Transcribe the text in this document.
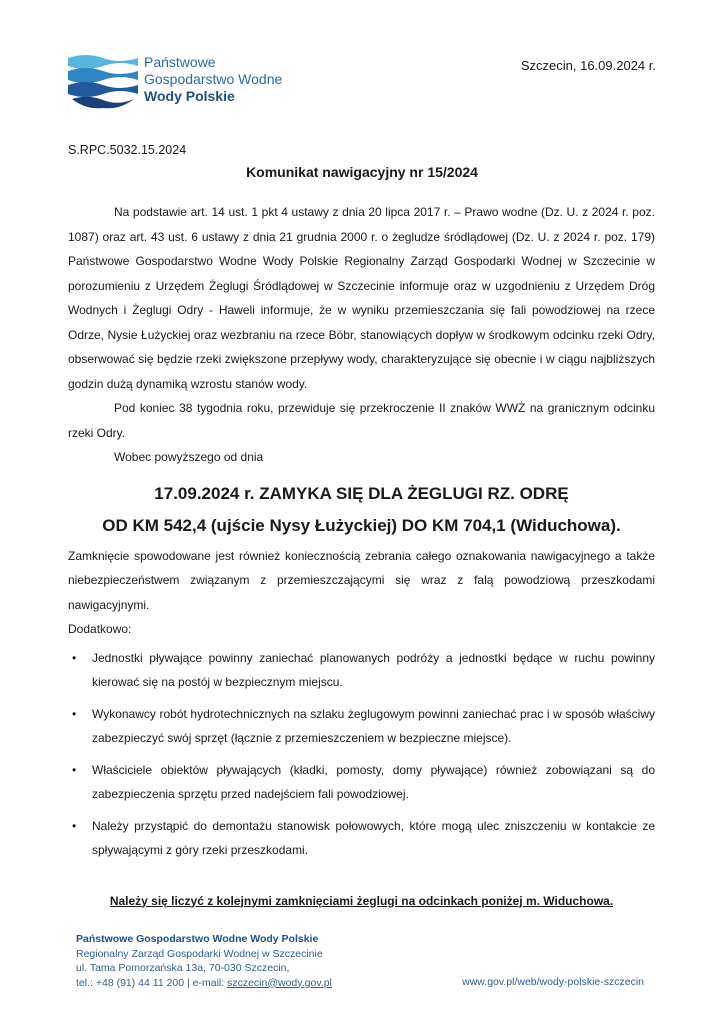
Państwowe
Gospodarstwo Wodne
Wody Polskie
Szczecin, 16.09.2024 r.
S.RPC.5032.15.2024
Komunikat nawigacyjny nr 15/2024

Na podstawie art. 14 ust. 1 pkt 4 ustawy z dnia 20 lipca 2017 r. – Prawo wodne (Dz. U. z 2024 r. poz. 1087) oraz art. 43 ust. 6 ustawy z dnia 21 grudnia 2000 r. o żegludze śródlądowej (Dz. U. z 2024 r. poz. 179) Państwowe Gospodarstwo Wodne Wody Polskie Regionalny Zarząd Gospodarki Wodnej w Szczecinie w porozumieniu z Urzędem Żeglugi Śródlądowej w Szczecinie informuje oraz w uzgodnieniu z Urzędem Dróg Wodnych i Żeglugi Odry - Haweli informuje, że w wyniku przemieszczania się fali powodziowej na rzece Odrze, Nysie Łużyckiej oraz wezbraniu na rzece Bóbr, stanowiących dopływ w środkowym odcinku rzeki Odry, obserwować się będzie rzeki zwiększone przepływy wody, charakteryzujące się obecnie i w ciągu najbliższych godzin dużą dynamiką wzrostu stanów wody.

Pod koniec 38 tygodnia roku, przewiduje się przekroczenie II znaków WWŻ na granicznym odcinku rzeki Odry.

Wobec powyższego od dnia

17.09.2024 r. ZAMYKA SIĘ DLA ŻEGLUGI RZ. ODRĘ

OD KM 542,4 (ujście Nysy Łużyckiej) DO KM 704,1 (Widuchowa).

Zamknięcie spowodowane jest również koniecznością zebrania całego oznakowania nawigacyjnego a także niebezpieczeństwem związanym z przemieszczającymi się wraz z falą powodziową przeszkodami nawigacyjnymi.

Dodatkowo:

• Jednostki pływające powinny zaniechać planowanych podróży a jednostki będące w ruchu powinny kierować się na postój w bezpiecznym miejscu.
• Wykonawcy robót hydrotechnicznych na szlaku żeglugowym powinni zaniechać prac i w sposób właściwy zabezpieczyć swój sprzęt (łącznie z przemieszczeniem w bezpieczne miejsce).
• Właściciele obiektów pływających (kładki, pomosty, domy pływające) również zobowiązani są do zabezpieczenia sprzętu przed nadejściem fali powodziowej.
• Należy przystąpić do demontażu stanowisk połowowych, które mogą ulec zniszczeniu w kontakcie ze spływającymi z góry rzeki przeszkodami.

Należy się liczyć z kolejnymi zamknięciami żeglugi na odcinkach poniżej m. Widuchowa.

Państwowe Gospodarstwo Wodne Wody Polskie
Regionalny Zarząd Gospodarki Wodnej w Szczecinie
ul. Tama Pomorzańska 13a, 70-030 Szczecin,
tel.: +48 (91) 44 11 200 | e-mail: szczecin@wody.gov.pl	www.gov.pl/web/wody-polskie-szczecin
